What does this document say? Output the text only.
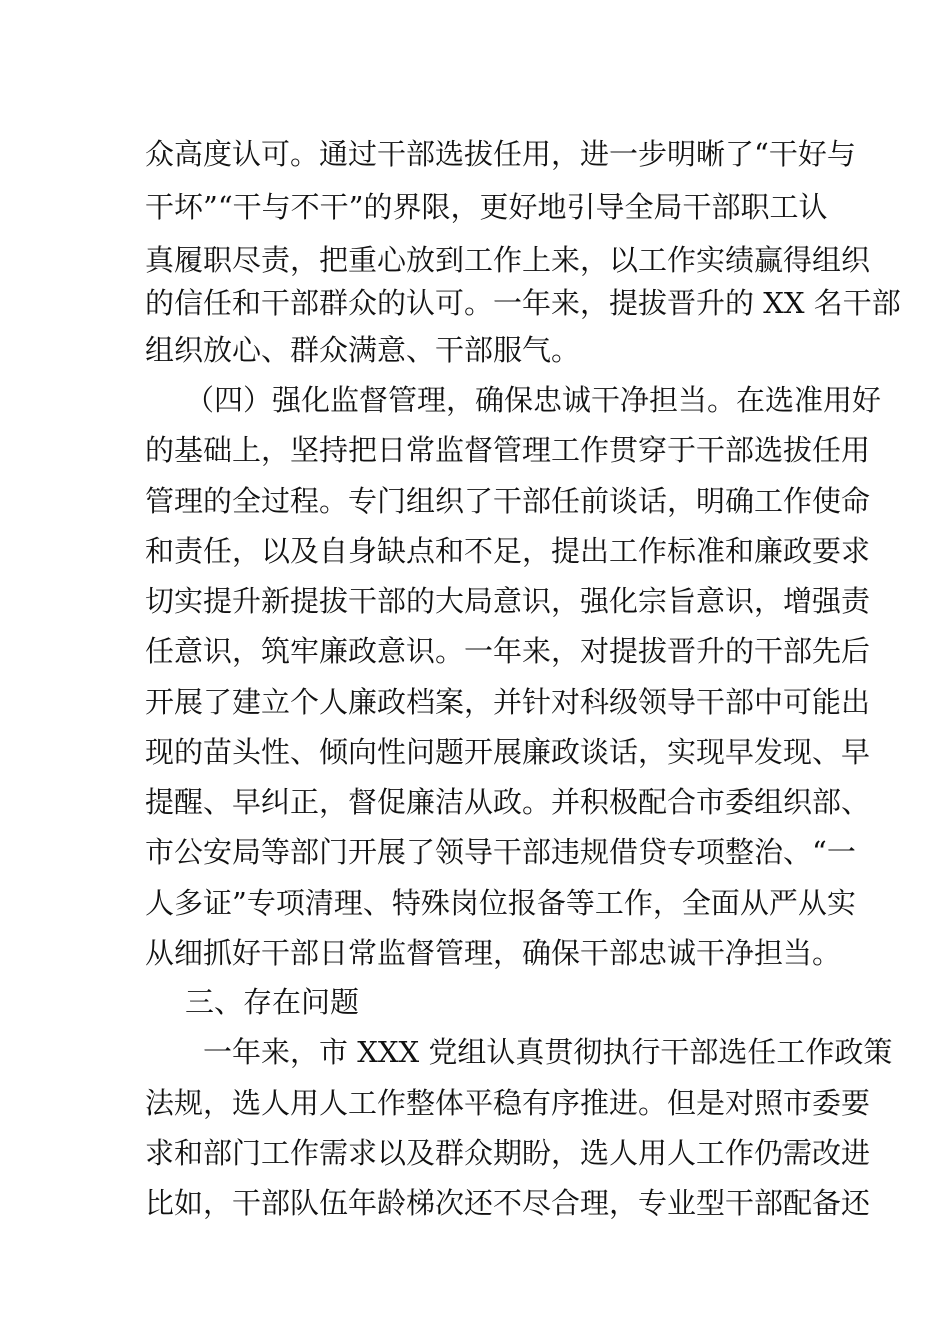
众高度认可。通过干部选拔任用，进一步明晰了“干好与
干坏”“干与不干”的界限，更好地引导全局干部职工认
真履职尽责，把重心放到工作上来，以工作实绩赢得组织
的信任和干部群众的认可。一年来，提拔晋升的 XX 名干部
组织放心、群众满意、干部服气。
（四）强化监督管理，确保忠诚干净担当。在选准用好
的基础上，坚持把日常监督管理工作贯穿于干部选拔任用
管理的全过程。专门组织了干部任前谈话，明确工作使命
和责任，以及自身缺点和不足，提出工作标准和廉政要求
切实提升新提拔干部的大局意识，强化宗旨意识，增强责
任意识，筑牢廉政意识。一年来，对提拔晋升的干部先后
开展了建立个人廉政档案，并针对科级领导干部中可能出
现的苗头性、倾向性问题开展廉政谈话，实现早发现、早
提醒、早纠正，督促廉洁从政。并积极配合市委组织部、
市公安局等部门开展了领导干部违规借贷专项整治、“一
人多证”专项清理、特殊岗位报备等工作，全面从严从实
从细抓好干部日常监督管理，确保干部忠诚干净担当。
三、存在问题
一年来，市 XXX 党组认真贯彻执行干部选任工作政策
法规，选人用人工作整体平稳有序推进。但是对照市委要
求和部门工作需求以及群众期盼，选人用人工作仍需改进
比如，干部队伍年龄梯次还不尽合理，专业型干部配备还
